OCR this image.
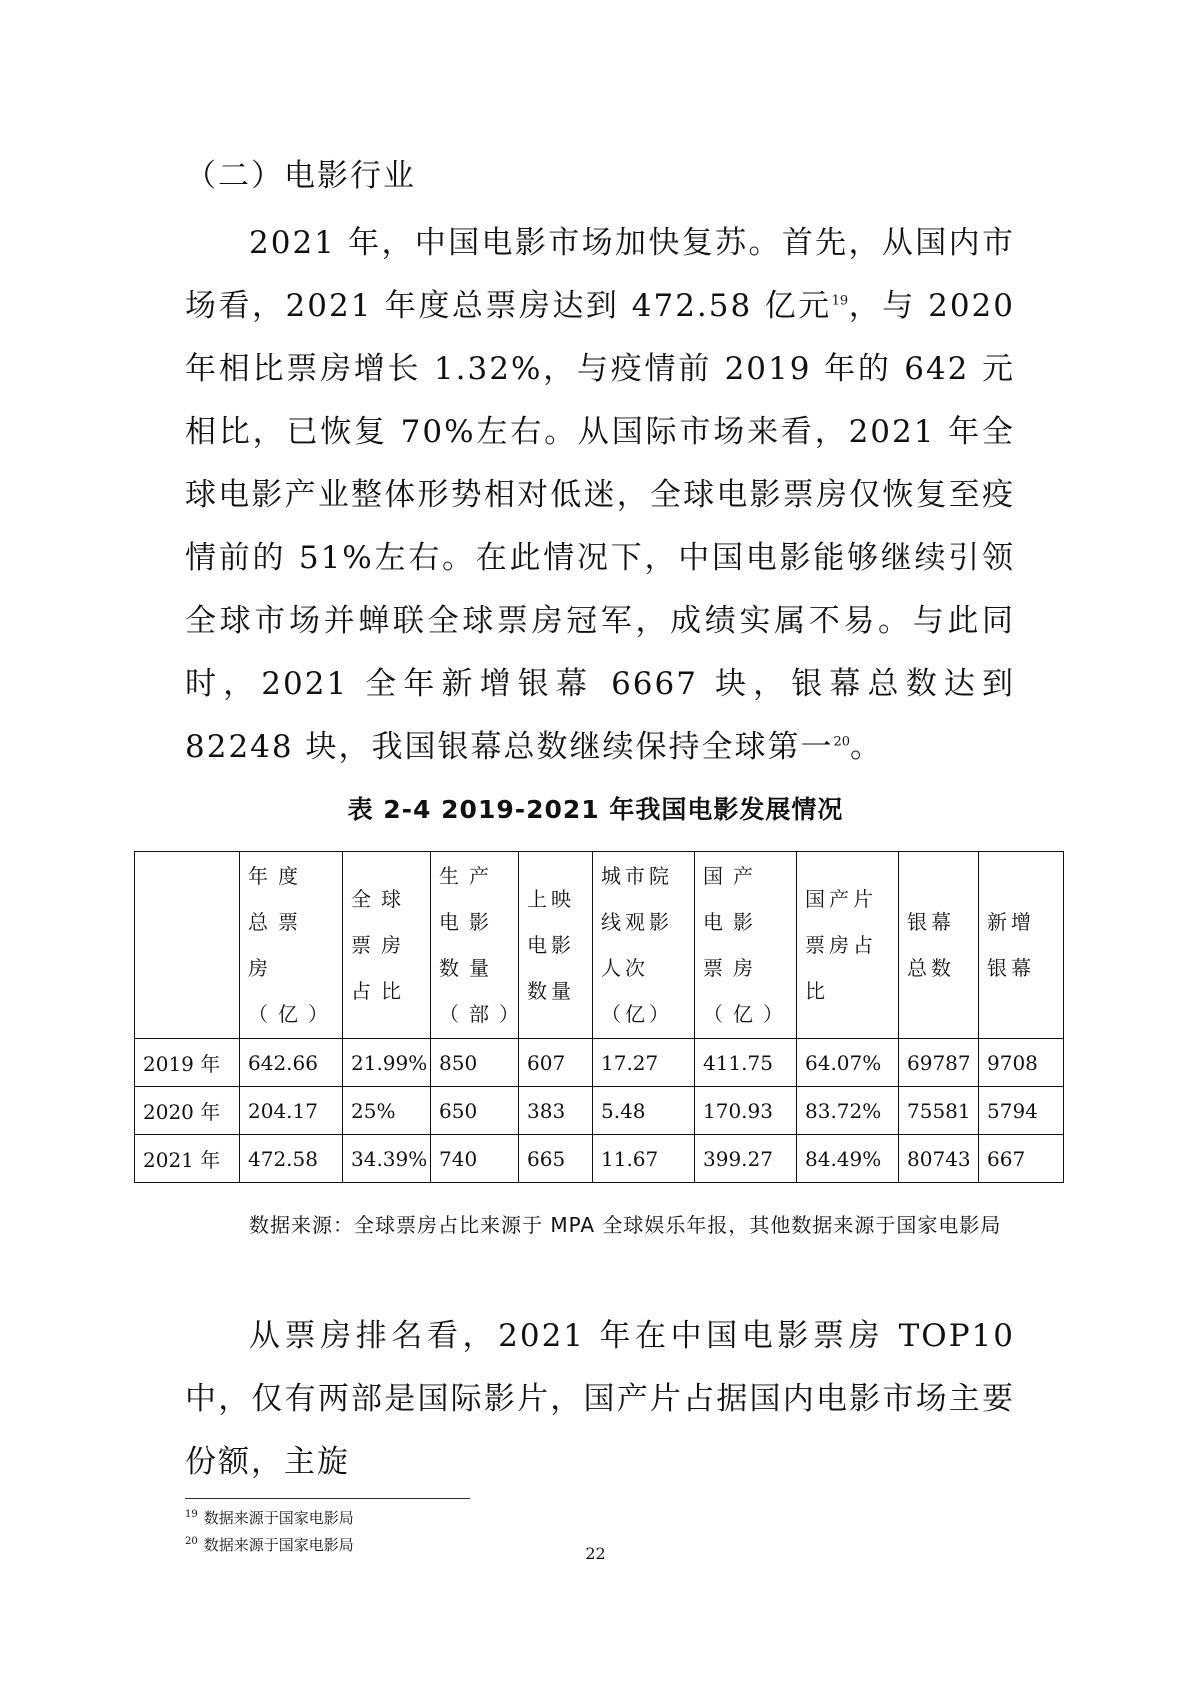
（二）电影行业

2021 年，中国电影市场加快复苏。首先，从国内市场看，2021 年度总票房达到 472.58 亿元$^{19}$，与 2020 年相比票房增长 1.32%，与疫情前 2019 年的 642 元相比，已恢复 70%左右。从国际市场来看，2021 年全球电影产业整体形势相对低迷，全球电影票房仅恢复至疫情前的 51%左右。在此情况下，中国电影能够继续引领全球市场并蝉联全球票房冠军，成绩实属不易。与此同时，2021 全年新增银幕 6667 块，银幕总数达到 82248 块，我国银幕总数继续保持全球第一$^{20}$。

表 2-4 2019-2021 年我国电影发展情况
	年度总票房（亿）	全球票房占比	生产电影数量（部）	上映电影数量	城市院线观影人次（亿）	国产电影票房（亿）	国产片票房占比	银幕总数	新增银幕
2019 年	642.66	21.99%	850	607	17.27	411.75	64.07%	69787	9708
2020 年	204.17	25%	650	383	5.48	170.93	83.72%	75581	5794
2021 年	472.58	34.39%	740	665	11.67	399.27	84.49%	80743	667

数据来源：全球票房占比来源于 MPA 全球娱乐年报，其他数据来源于国家电影局

从票房排名看，2021 年在中国电影票房 TOP10 中，仅有两部是国际影片，国产片占据国内电影市场主要份额，主旋

$^{19}$ 数据来源于国家电影局
$^{20}$ 数据来源于国家电影局	22
